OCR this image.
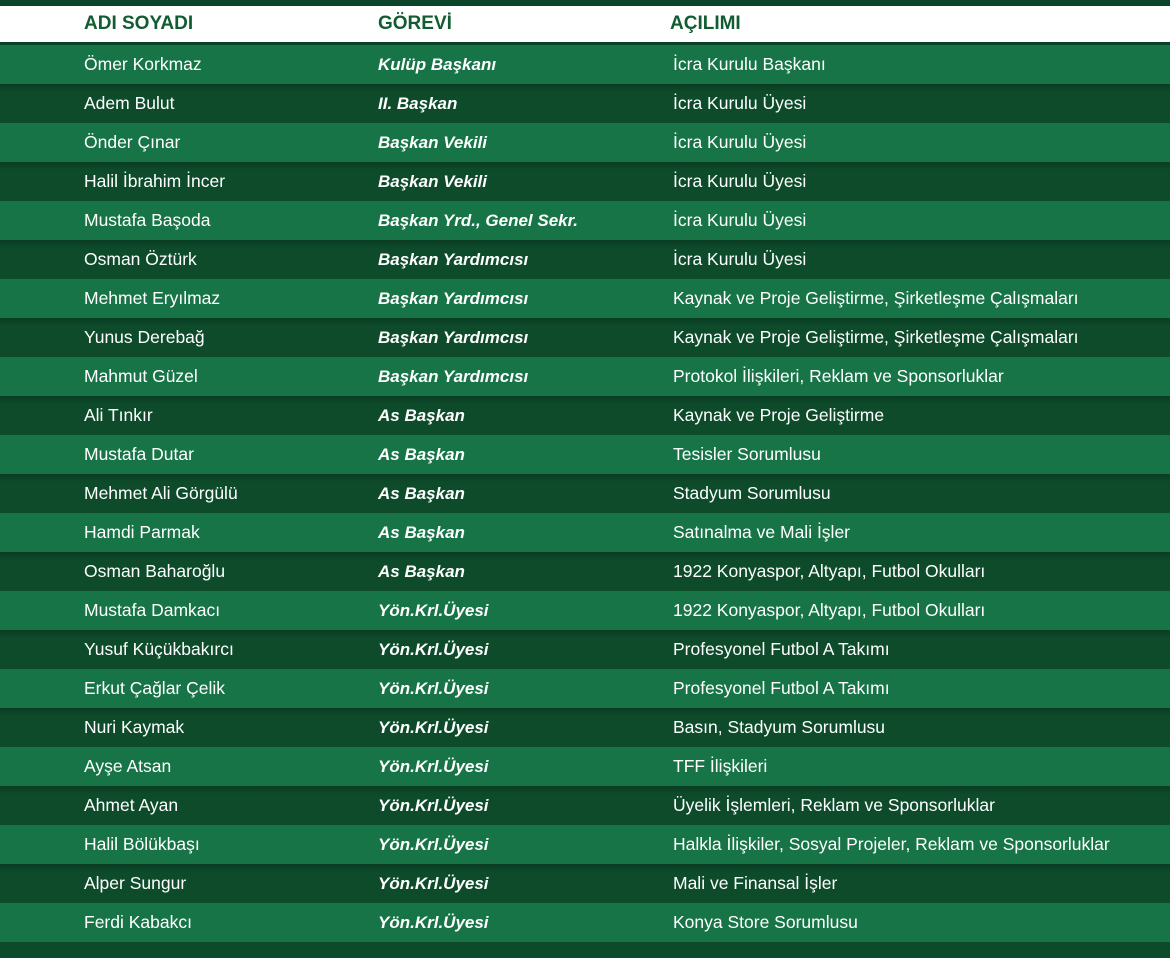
ADI SOYADI	GÖREVİ	AÇILIMI
Ömer Korkmaz	Kulüp Başkanı	İcra Kurulu Başkanı
Adem Bulut	II. Başkan	İcra Kurulu Üyesi
Önder Çınar	Başkan Vekili	İcra Kurulu Üyesi
Halil İbrahim İncer	Başkan Vekili	İcra Kurulu Üyesi
Mustafa Başoda	Başkan Yrd., Genel Sekr.	İcra Kurulu Üyesi
Osman Öztürk	Başkan Yardımcısı	İcra Kurulu Üyesi
Mehmet Eryılmaz	Başkan Yardımcısı	Kaynak ve Proje Geliştirme, Şirketleşme Çalışmaları
Yunus Derebağ	Başkan Yardımcısı	Kaynak ve Proje Geliştirme, Şirketleşme Çalışmaları
Mahmut Güzel	Başkan Yardımcısı	Protokol İlişkileri, Reklam ve Sponsorluklar
Ali Tınkır	As Başkan	Kaynak ve Proje Geliştirme
Mustafa Dutar	As Başkan	Tesisler Sorumlusu
Mehmet Ali Görgülü	As Başkan	Stadyum Sorumlusu
Hamdi Parmak	As Başkan	Satınalma ve Mali İşler
Osman Baharoğlu	As Başkan	1922 Konyaspor, Altyapı, Futbol Okulları
Mustafa Damkacı	Yön.Krl.Üyesi	1922 Konyaspor, Altyapı, Futbol Okulları
Yusuf Küçükbakırcı	Yön.Krl.Üyesi	Profesyonel Futbol A Takımı
Erkut Çağlar Çelik	Yön.Krl.Üyesi	Profesyonel Futbol A Takımı
Nuri Kaymak	Yön.Krl.Üyesi	Basın, Stadyum Sorumlusu
Ayşe Atsan	Yön.Krl.Üyesi	TFF İlişkileri
Ahmet Ayan	Yön.Krl.Üyesi	Üyelik İşlemleri, Reklam ve Sponsorluklar
Halil Bölükbaşı	Yön.Krl.Üyesi	Halkla İlişkiler, Sosyal Projeler, Reklam ve Sponsorluklar
Alper Sungur	Yön.Krl.Üyesi	Mali ve Finansal İşler
Ferdi Kabakcı	Yön.Krl.Üyesi	Konya Store Sorumlusu
